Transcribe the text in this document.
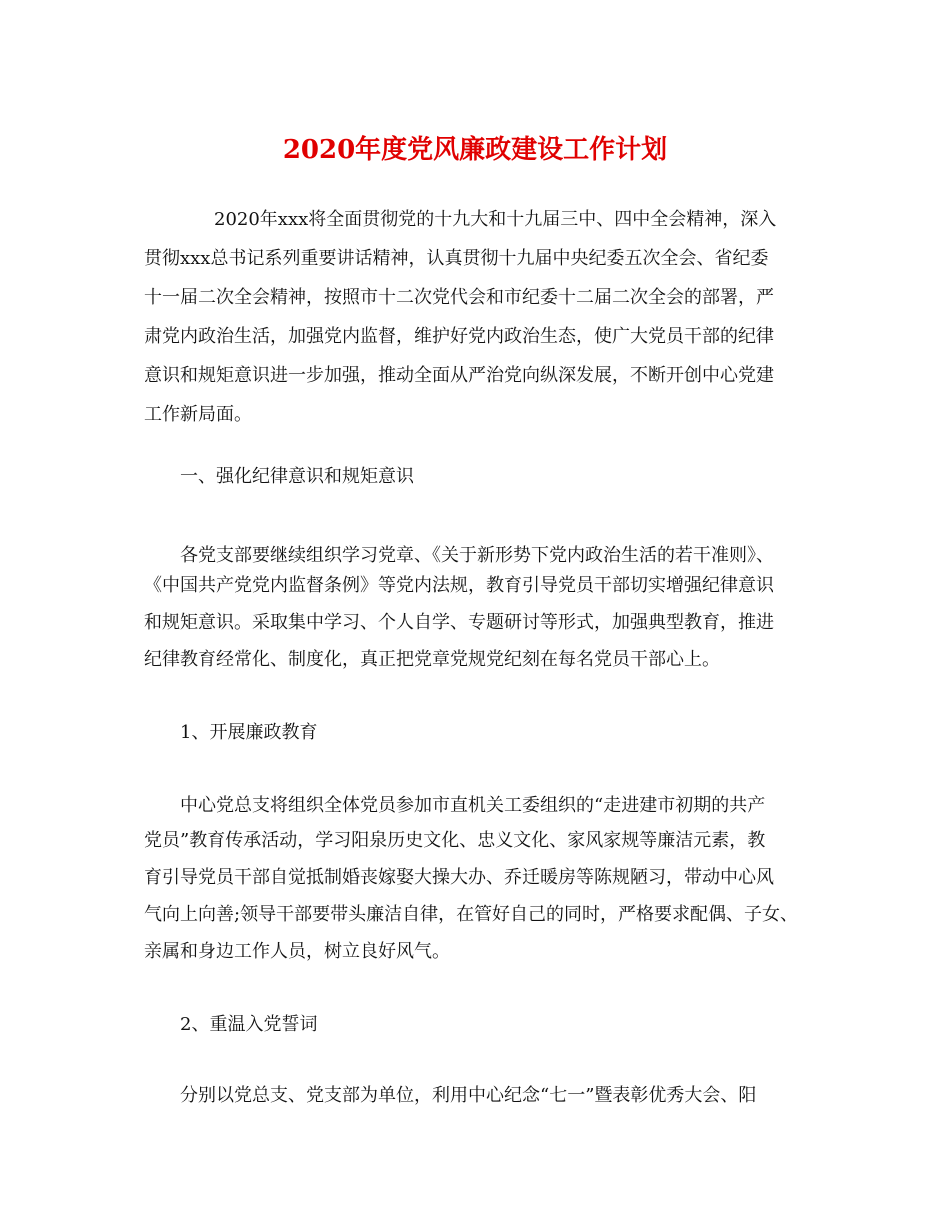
2020年度党风廉政建设工作计划
2020年xxx将全面贯彻党的十九大和十九届三中、四中全会精神，深入
贯彻xxx总书记系列重要讲话精神，认真贯彻十九届中央纪委五次全会、省纪委
十一届二次全会精神，按照市十二次党代会和市纪委十二届二次全会的部署，严
肃党内政治生活，加强党内监督，维护好党内政治生态，使广大党员干部的纪律
意识和规矩意识进一步加强，推动全面从严治党向纵深发展，不断开创中心党建
工作新局面。
一、强化纪律意识和规矩意识
各党支部要继续组织学习党章、《关于新形势下党内政治生活的若干准则》、
《中国共产党党内监督条例》等党内法规，教育引导党员干部切实增强纪律意识
和规矩意识。采取集中学习、个人自学、专题研讨等形式，加强典型教育，推进
纪律教育经常化、制度化，真正把党章党规党纪刻在每名党员干部心上。
1、开展廉政教育
中心党总支将组织全体党员参加市直机关工委组织的“走进建市初期的共产
党员”教育传承活动，学习阳泉历史文化、忠义文化、家风家规等廉洁元素，教
育引导党员干部自觉抵制婚丧嫁娶大操大办、乔迁暖房等陈规陋习，带动中心风
气向上向善;领导干部要带头廉洁自律，在管好自己的同时，严格要求配偶、子女、
亲属和身边工作人员，树立良好风气。
2、重温入党誓词
分别以党总支、党支部为单位，利用中心纪念“七一”暨表彰优秀大会、阳
